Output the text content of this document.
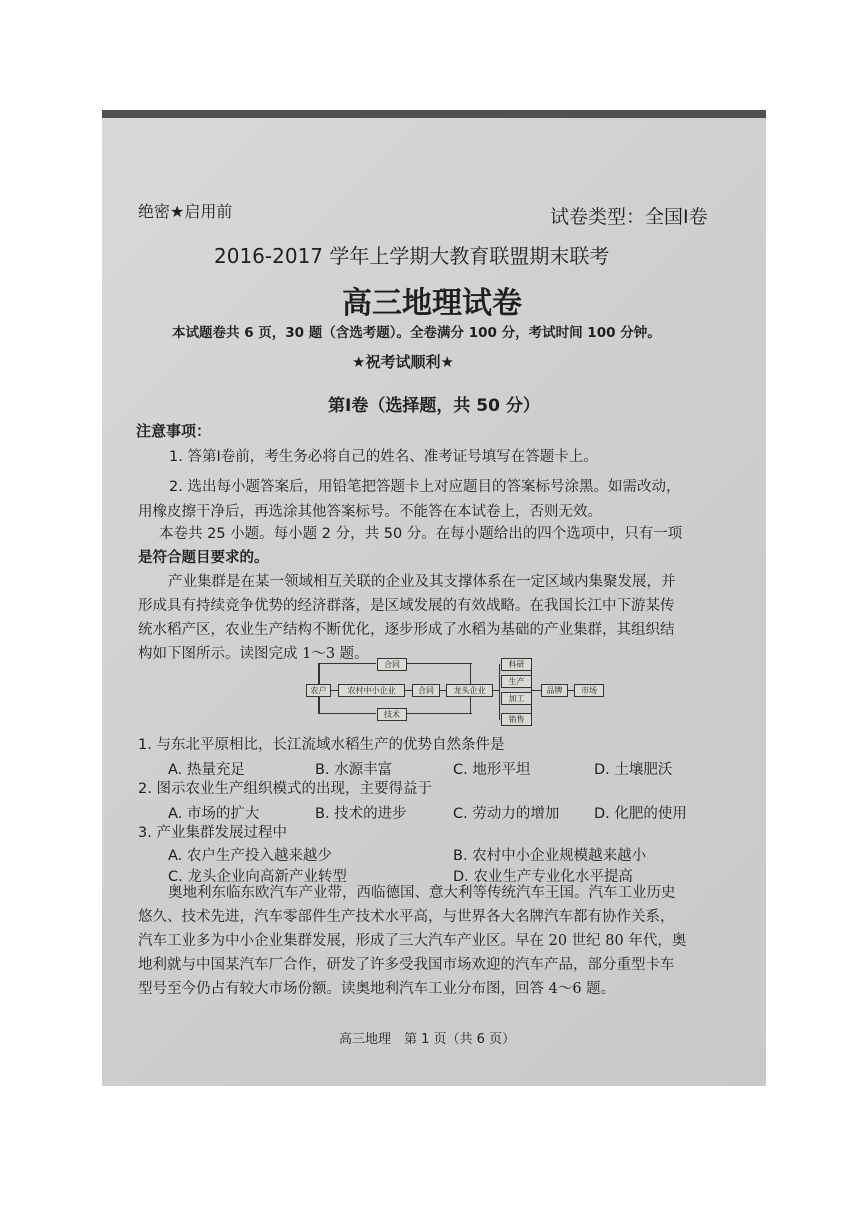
绝密★启用前	试卷类型：全国Ⅰ卷
2016-2017 学年上学期大教育联盟期末联考
高三地理试卷
本试题卷共 6 页，30 题（含选考题）。全卷满分 100 分，考试时间 100 分钟。
★祝考试顺利★
第Ⅰ卷（选择题，共 50 分）
注意事项：
1. 答第Ⅰ卷前，考生务必将自己的姓名、准考证号填写在答题卡上。
2. 选出每小题答案后，用铅笔把答题卡上对应题目的答案标号涂黑。如需改动，
用橡皮擦干净后，再选涂其他答案标号。不能答在本试卷上，否则无效。
本卷共 25 小题。每小题 2 分，共 50 分。在每小题给出的四个选项中，只有一项
是符合题目要求的。
产业集群是在某一领域相互关联的企业及其支撑体系在一定区域内集聚发展，并
形成具有持续竞争优势的经济群落，是区域发展的有效战略。在我国长江中下游某传
统水稻产区，农业生产结构不断优化，逐步形成了水稻为基础的产业集群，其组织结
构如下图所示。读图完成 1～3 题。
农户	农村中小企业
合同
合同
技术
龙头企业
科研
生产
加工
销售
品牌	市场
1. 与东北平原相比，长江流域水稻生产的优势自然条件是
A. 热量充足	B. 水源丰富	C. 地形平坦	D. 土壤肥沃
2. 图示农业生产组织模式的出现，主要得益于
A. 市场的扩大	B. 技术的进步	C. 劳动力的增加 D. 化肥的使用
3. 产业集群发展过程中
A. 农户生产投入越来越少	B. 农村中小企业规模越来越小
C. 龙头企业向高新产业转型	D. 农业生产专业化水平提高
奥地利东临东欧汽车产业带，西临德国、意大利等传统汽车王国。汽车工业历史
悠久、技术先进，汽车零部件生产技术水平高，与世界各大名牌汽车都有协作关系，
汽车工业多为中小企业集群发展，形成了三大汽车产业区。早在 20 世纪 80 年代，奥
地利就与中国某汽车厂合作，研发了许多受我国市场欢迎的汽车产品，部分重型卡车
型号至今仍占有较大市场份额。读奥地利汽车工业分布图，回答 4～6 题。
高三地理　第 1 页（共 6 页）
